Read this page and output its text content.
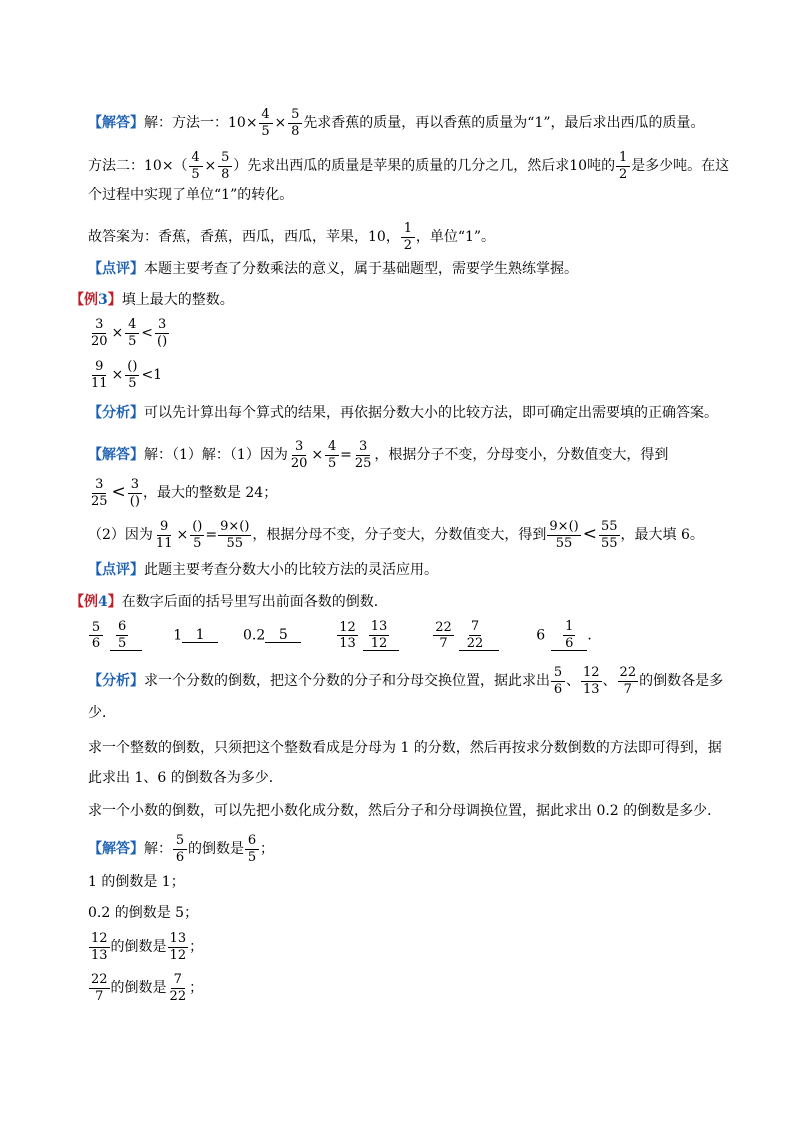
【解答】解：方法一：$10\times \frac{4}{5} \times \frac{5}{8}$ 先求香蕉的质量，再以香蕉的质量为“1”，最后求出西瓜的质量。
方法二：$10\times( \frac{4}{5} \times \frac{5}{8}$ ）先求出西瓜的质量是苹果的质量的几分之几，然后求10吨的 $\frac{1}{2}$ 是多少吨。在这
个过程中实现了单位“1”的转化。
故答案为：香蕉，香蕉，西瓜，西瓜，苹果，10， $\frac{1}{2}$ ，单位“1”。
【点评】本题主要考查了分数乘法的意义，属于基础题型，需要学生熟练掌握。
【例3】填上最大的整数。
$\frac{3}{20} \times \frac{4}{5} < \frac{3}{()}$
$\frac{9}{11} \times \frac{()}{5} <1$
【分析】可以先计算出每个算式的结果，再依据分数大小的比较方法，即可确定出需要填的正确答案。
【解答】解：（1）解：（1）因为 $\frac{3}{20} \times \frac{4}{5} = \frac{3}{25}$ ，根据分子不变，分母变小，分数值变大，得到
$\frac{3}{25} < \frac{3}{()}$ ，最大的整数是 24；
（2）因为 $\frac{9}{11} \times \frac{()}{5} = \frac{9\times()}{55}$ ，根据分母不变，分子变大，分数值变大，得到 $\frac{9\times()}{55} < \frac{55}{55}$ ，最大填 6。
【点评】此题主要考查分数大小的比较方法的灵活应用。
【例4】在数字后面的括号里写出前面各数的倒数．
$\frac{5}{6} \frac{6}{5} 1$ 1	0.2 5	$\frac{12}{13} \frac{13}{12}$
	$\frac{22}{7} \frac{7}{22}$	$6 \frac{1}{6}$ ．
【分析】求一个分数的倒数，把这个分数的分子和分母交换位置，据此求出 $\frac{5}{6}$ 、 $\frac{12}{13}$ 、 $\frac{22}{7}$ 的倒数各是多
少．
求一个整数的倒数，只须把这个整数看成是分母为 1 的分数，然后再按求分数倒数的方法即可得到，据
此求出 1、6 的倒数各为多少．
求一个小数的倒数，可以先把小数化成分数，然后分子和分母调换位置，据此求出 0.2 的倒数是多少．
【解答】解： $\frac{5}{6}$ 的倒数是 $\frac{6}{5}$ ；
1 的倒数是 1；
0.2 的倒数是 5；
$\frac{12}{13}$ 的倒数是 $\frac{13}{12}$ ；
$\frac{22}{7}$ 的倒数是 $\frac{7}{22}$ ；
